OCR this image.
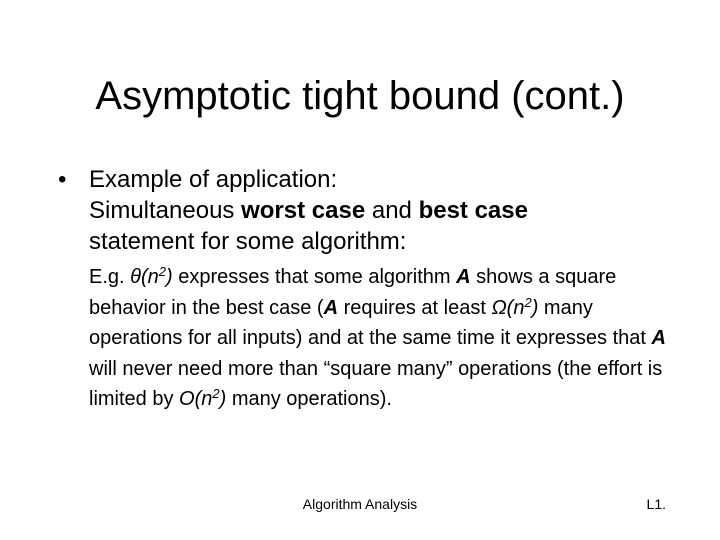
Asymptotic tight bound (cont.)
• Example of application:
Simultaneous worst case and best case
statement for some algorithm:
E.g. $\theta(n^2)$ expresses that some algorithm A shows a square behavior in the best case (A requires at least $\Omega(n^2)$ many operations for all inputs) and at the same time it expresses that A will never need more than “square many” operations (the effort is limited by $O(n^2)$ many operations).
Algorithm Analysis	L1.
